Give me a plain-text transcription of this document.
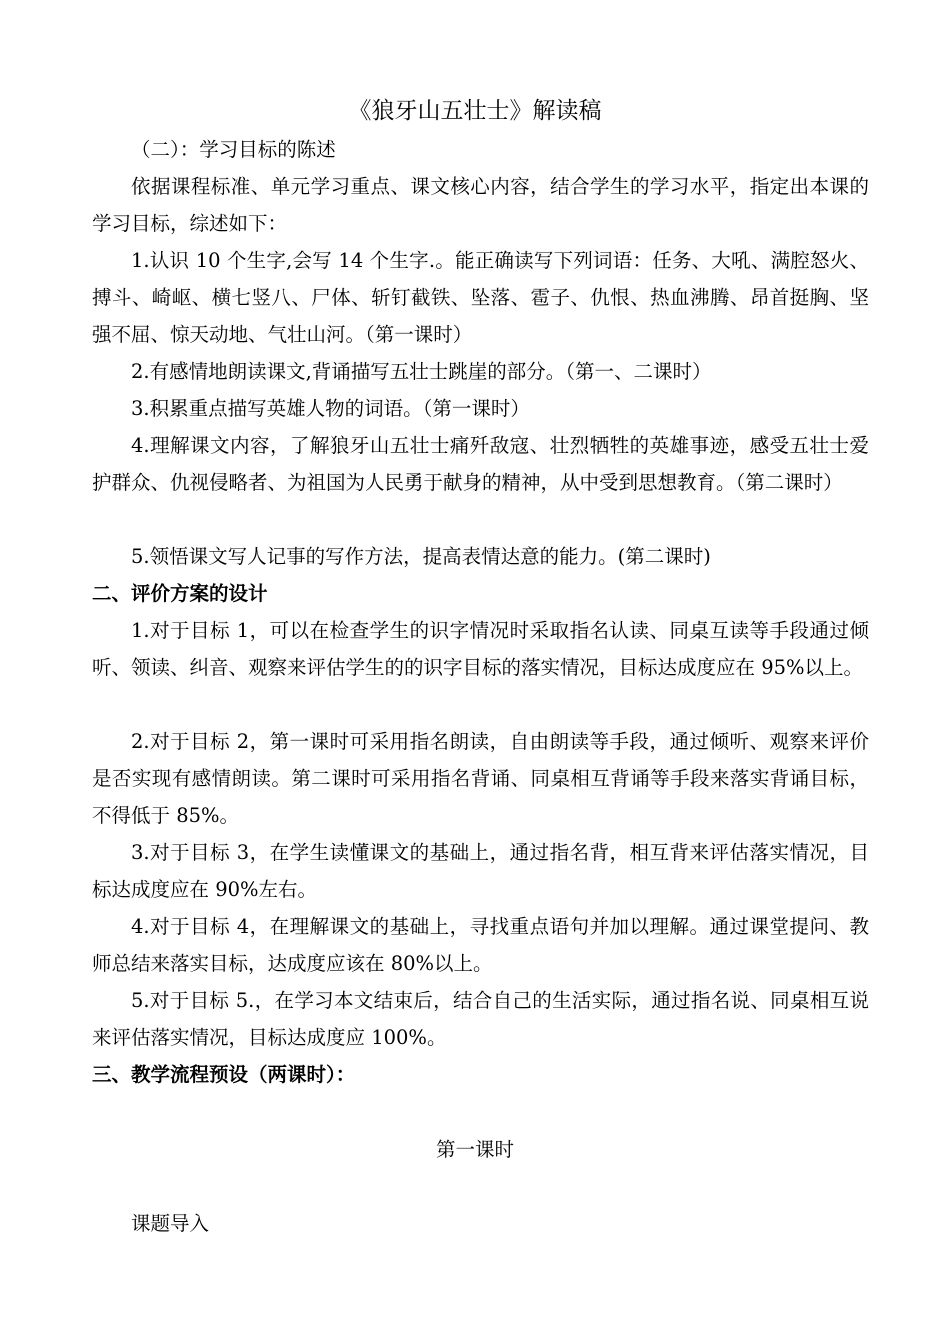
《狼牙山五壮士》解读稿
（二）：学习目标的陈述
依据课程标准、单元学习重点、课文核心内容，结合学生的学习水平，指定出本课的学习目标，综述如下：
1.认识 10 个生字,会写 14 个生字.。能正确读写下列词语：任务、大吼、满腔怒火、搏斗、崎岖、横七竖八、尸体、斩钉截铁、坠落、雹子、仇恨、热血沸腾、昂首挺胸、坚强不屈、惊天动地、气壮山河。（第一课时）
2.有感情地朗读课文,背诵描写五壮士跳崖的部分。（第一、二课时）
3.积累重点描写英雄人物的词语。（第一课时）
4.理解课文内容，了解狼牙山五壮士痛歼敌寇、壮烈牺牲的英雄事迹，感受五壮士爱护群众、仇视侵略者、为祖国为人民勇于献身的精神，从中受到思想教育。（第二课时）
5.领悟课文写人记事的写作方法，提高表情达意的能力。(第二课时)
二、评价方案的设计
1.对于目标 1，可以在检查学生的识字情况时采取指名认读、同桌互读等手段通过倾听、领读、纠音、观察来评估学生的的识字目标的落实情况，目标达成度应在 95%以上。
2.对于目标 2，第一课时可采用指名朗读，自由朗读等手段，通过倾听、观察来评价是否实现有感情朗读。第二课时可采用指名背诵、同桌相互背诵等手段来落实背诵目标，不得低于 85%。
3.对于目标 3，在学生读懂课文的基础上，通过指名背，相互背来评估落实情况，目标达成度应在 90%左右。
4.对于目标 4，在理解课文的基础上，寻找重点语句并加以理解。通过课堂提问、教师总结来落实目标，达成度应该在 80%以上。
5.对于目标 5.，在学习本文结束后，结合自己的生活实际，通过指名说、同桌相互说来评估落实情况，目标达成度应 100%。
三、教学流程预设（两课时）：
第一课时
课题导入
